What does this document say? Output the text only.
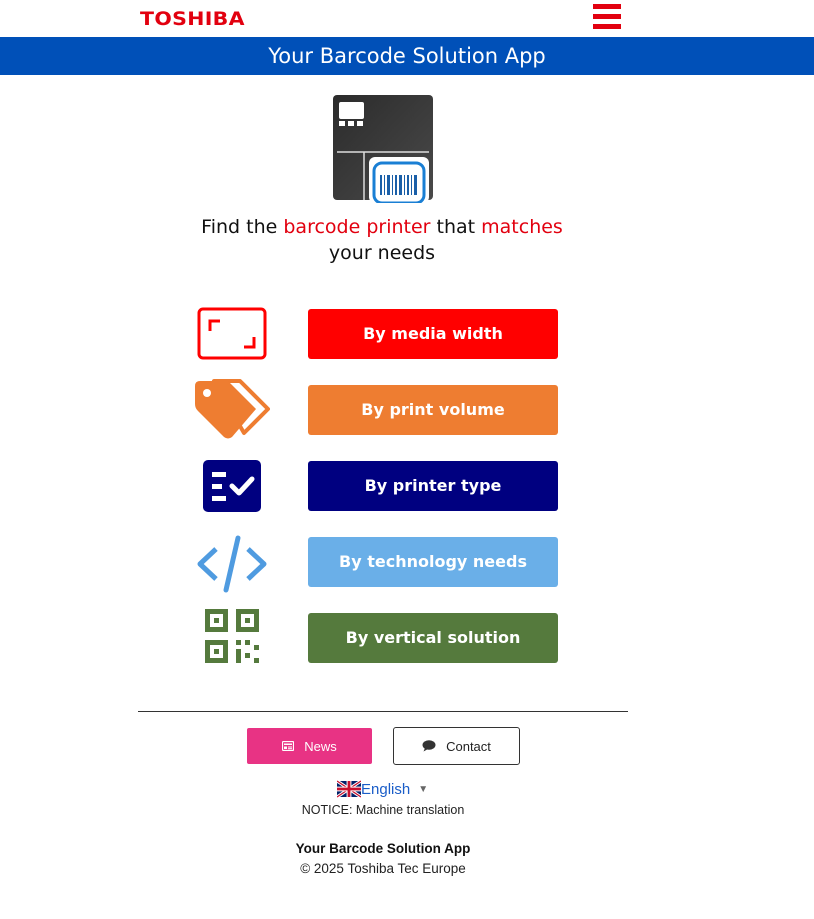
TOSHIBA
Your Barcode Solution App
Find the barcode printer that matches
your needs
By media width
By print volume
By printer type
By technology needs
By vertical solution
News	Contact
English ▼
NOTICE: Machine translation
Your Barcode Solution App
© 2025 Toshiba Tec Europe
